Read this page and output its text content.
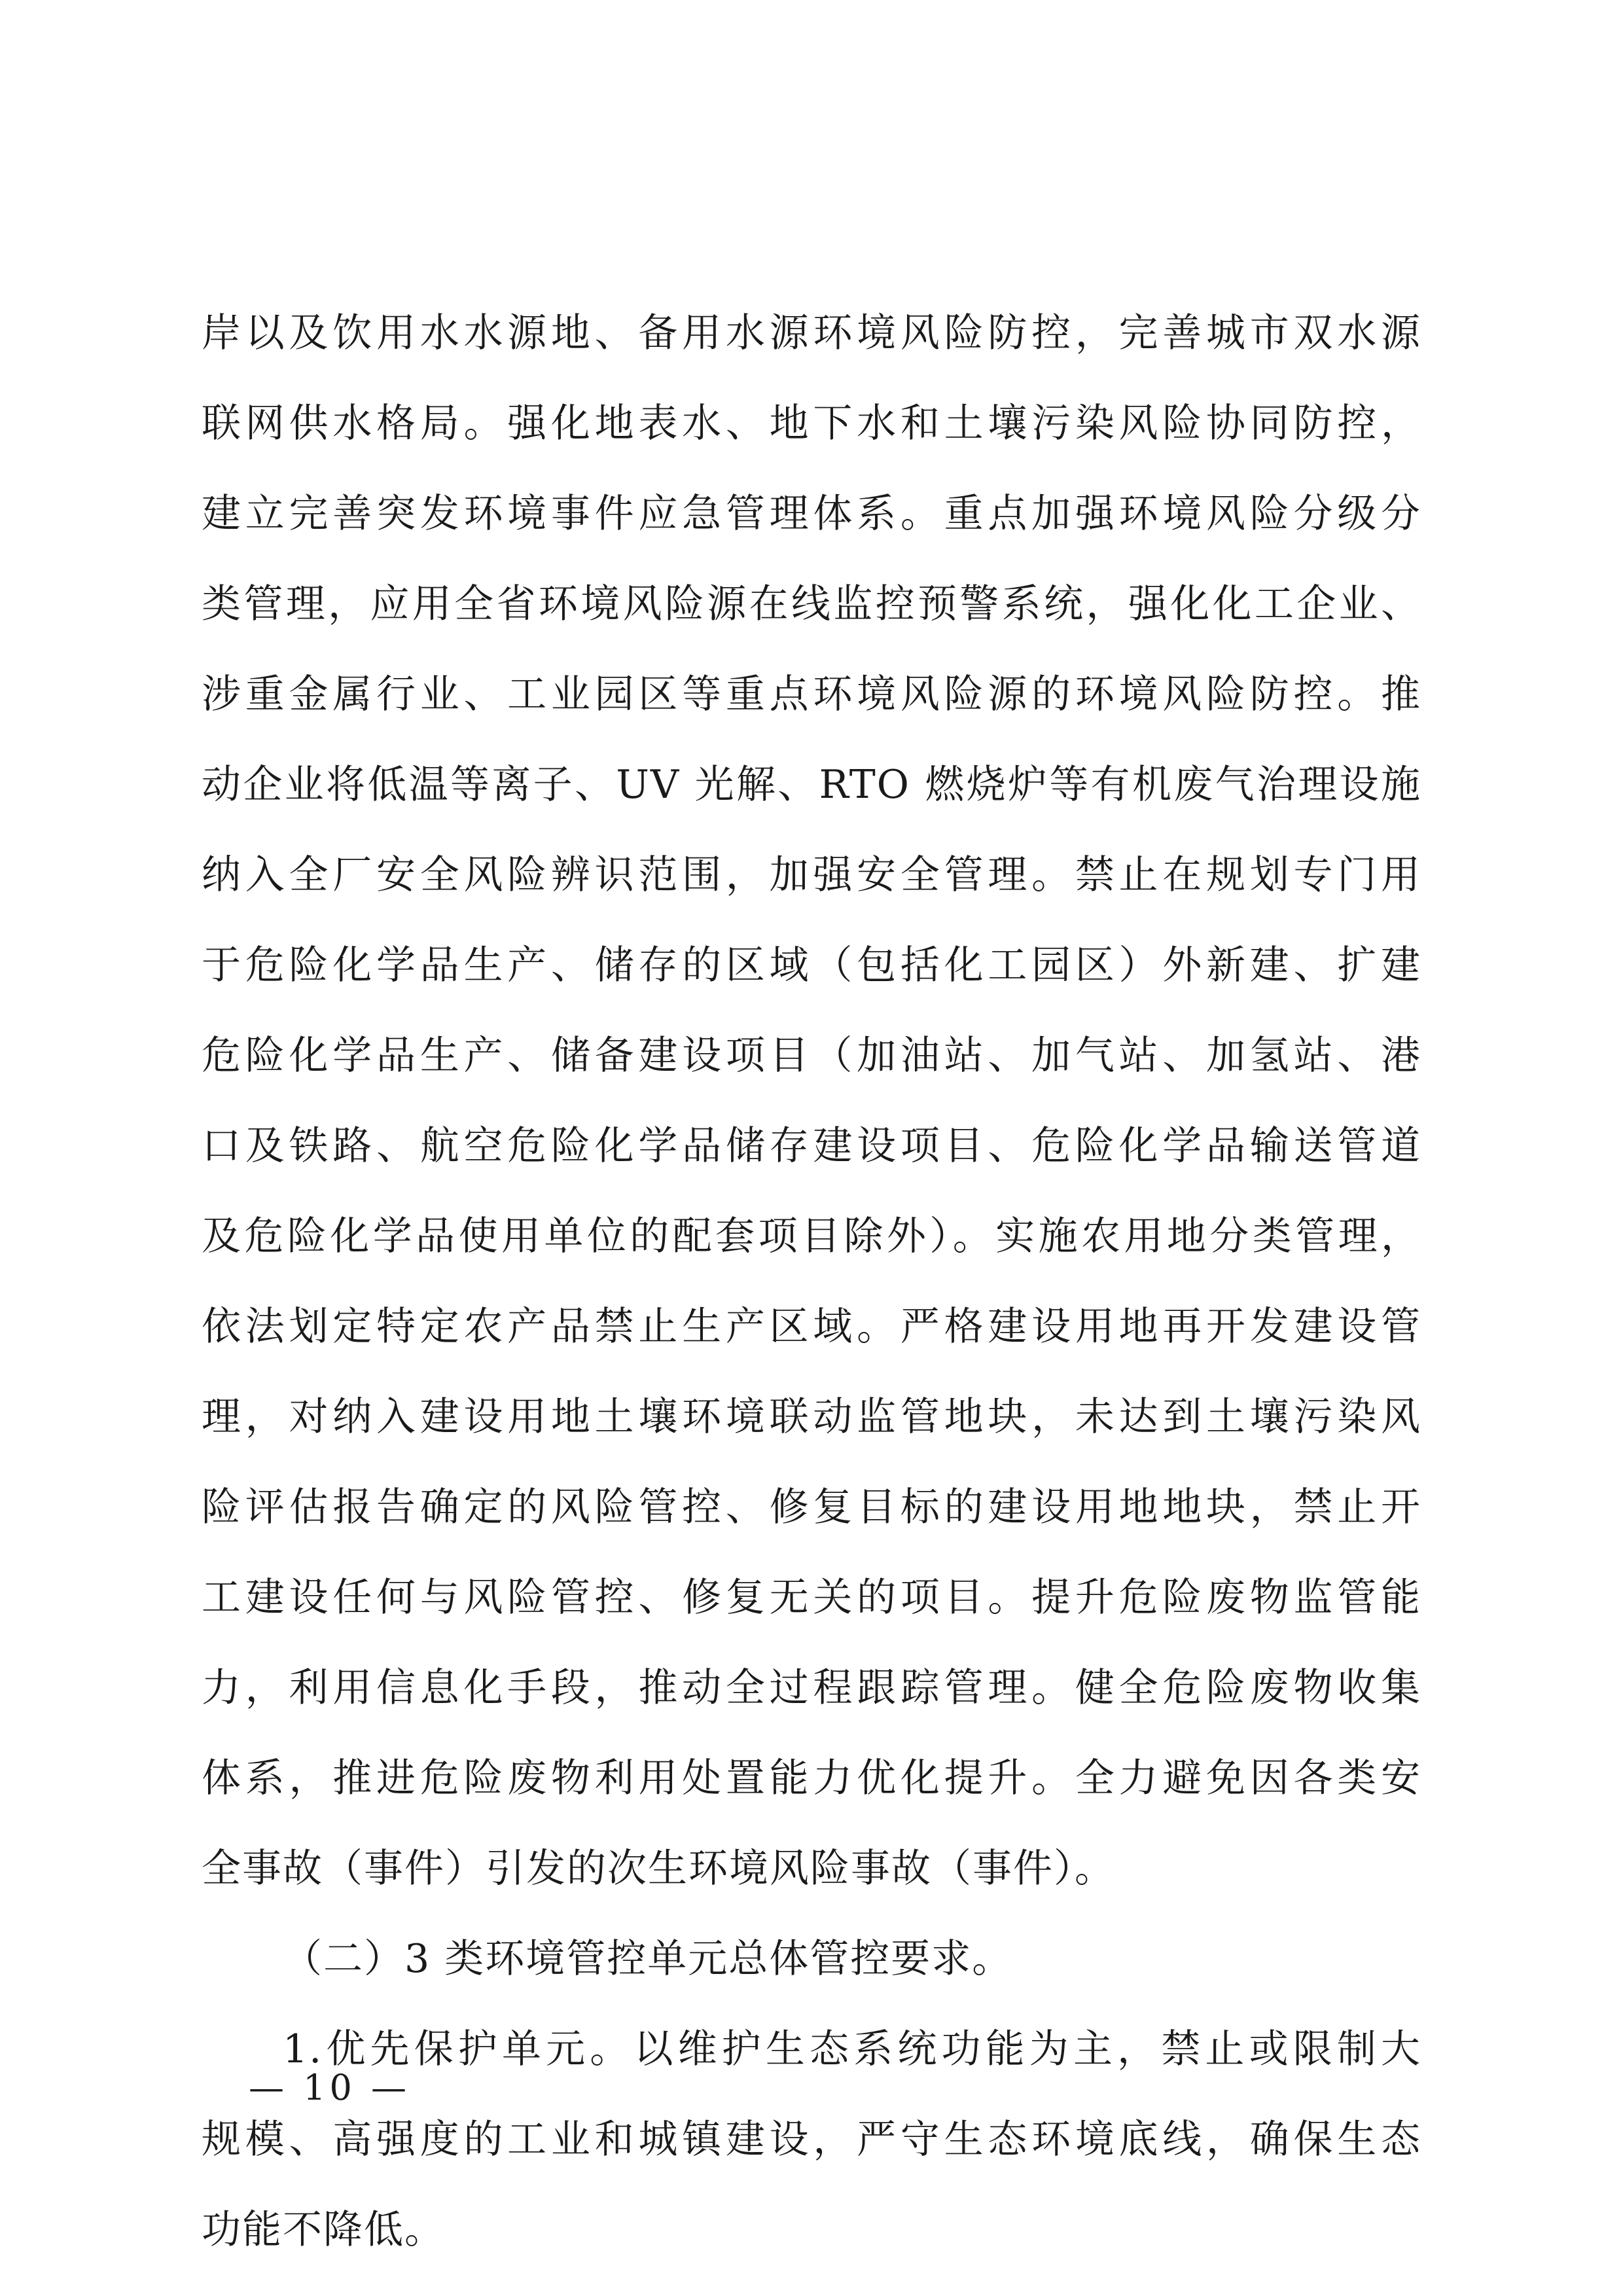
岸以及饮用水水源地、备用水源环境风险防控，完善城市双水源
联网供水格局。强化地表水、地下水和土壤污染风险协同防控，
建立完善突发环境事件应急管理体系。重点加强环境风险分级分
类管理，应用全省环境风险源在线监控预警系统，强化化工企业、
涉重金属行业、工业园区等重点环境风险源的环境风险防控。推
动企业将低温等离子、UV 光解、RTO 燃烧炉等有机废气治理设施
纳入全厂安全风险辨识范围，加强安全管理。禁止在规划专门用
于危险化学品生产、储存的区域（包括化工园区）外新建、扩建
危险化学品生产、储备建设项目（加油站、加气站、加氢站、港
口及铁路、航空危险化学品储存建设项目、危险化学品输送管道
及危险化学品使用单位的配套项目除外）。实施农用地分类管理，
依法划定特定农产品禁止生产区域。严格建设用地再开发建设管
理，对纳入建设用地土壤环境联动监管地块，未达到土壤污染风
险评估报告确定的风险管控、修复目标的建设用地地块，禁止开
工建设任何与风险管控、修复无关的项目。提升危险废物监管能
力，利用信息化手段，推动全过程跟踪管理。健全危险废物收集
体系，推进危险废物利用处置能力优化提升。全力避免因各类安
全事故（事件）引发的次生环境风险事故（事件）。
（二）3 类环境管控单元总体管控要求。
1.优先保护单元。以维护生态系统功能为主，禁止或限制大
规模、高强度的工业和城镇建设，严守生态环境底线，确保生态
功能不降低。
— 10 —
